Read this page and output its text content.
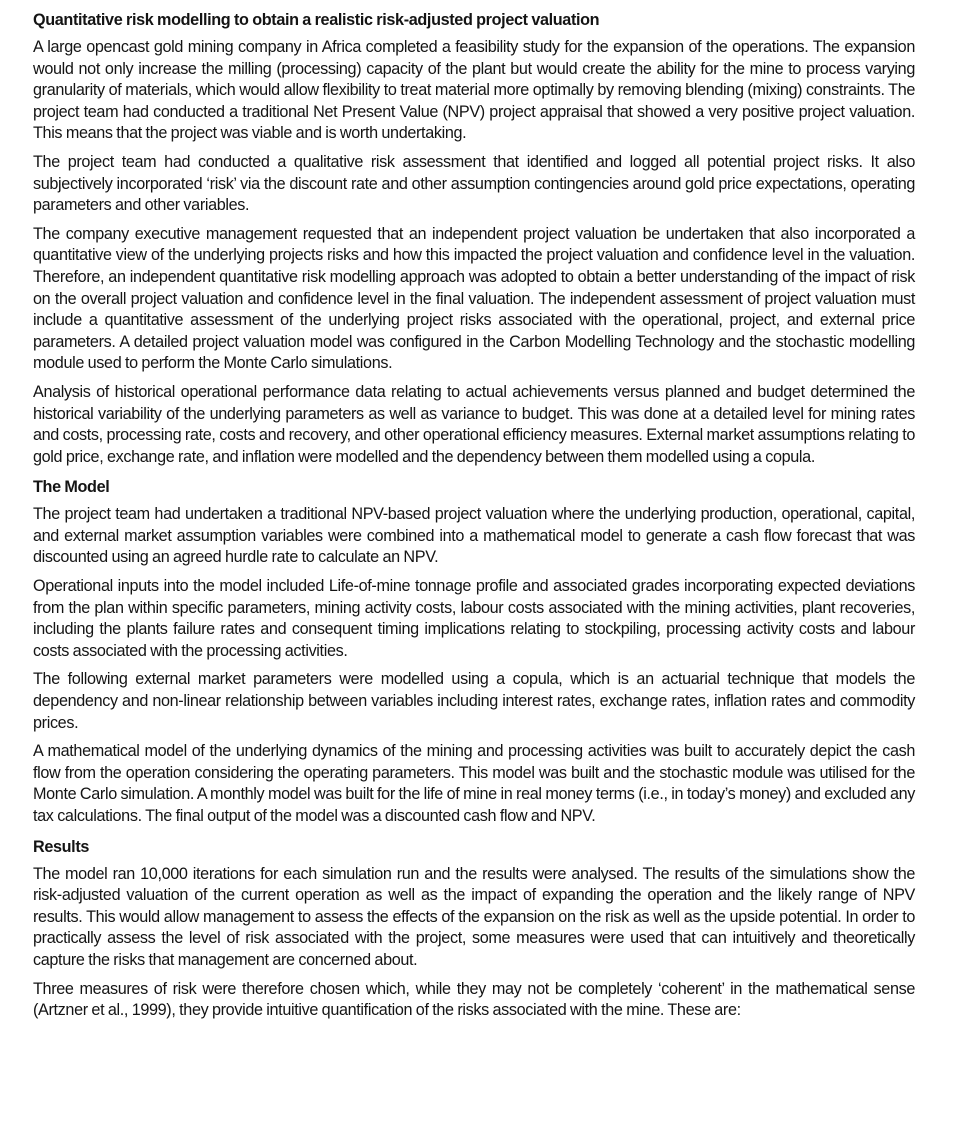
Quantitative risk modelling to obtain a realistic risk-adjusted project valuation

A large opencast gold mining company in Africa completed a feasibility study for the expansion of the operations. The expansion would not only increase the milling (processing) capacity of the plant but would create the ability for the mine to process varying granularity of materials, which would allow flexibility to treat material more optimally by removing blending (mixing) constraints. The project team had conducted a traditional Net Present Value (NPV) project appraisal that showed a very positive project valuation. This means that the project was viable and is worth undertaking.

The project team had conducted a qualitative risk assessment that identified and logged all potential project risks. It also subjectively incorporated ‘risk’ via the discount rate and other assumption contingencies around gold price expectations, operating parameters and other variables.

The company executive management requested that an independent project valuation be undertaken that also incorporated a quantitative view of the underlying projects risks and how this impacted the project valuation and confidence level in the valuation. Therefore, an independent quantitative risk modelling approach was adopted to obtain a better understanding of the impact of risk on the overall project valuation and confidence level in the final valuation. The independent assessment of project valuation must include a quantitative assessment of the underlying project risks associated with the operational, project, and external price parameters. A detailed project valuation model was configured in the Carbon Modelling Technology and the stochastic modelling module used to perform the Monte Carlo simulations.

Analysis of historical operational performance data relating to actual achievements versus planned and budget determined the historical variability of the underlying parameters as well as variance to budget. This was done at a detailed level for mining rates and costs, processing rate, costs and recovery, and other operational efficiency measures. External market assumptions relating to gold price, exchange rate, and inflation were modelled and the dependency between them modelled using a copula.

The Model

The project team had undertaken a traditional NPV-based project valuation where the underlying production, operational, capital, and external market assumption variables were combined into a mathematical model to generate a cash flow forecast that was discounted using an agreed hurdle rate to calculate an NPV.

Operational inputs into the model included Life-of-mine tonnage profile and associated grades incorporating expected deviations from the plan within specific parameters, mining activity costs, labour costs associated with the mining activities, plant recoveries, including the plants failure rates and consequent timing implications relating to stockpiling, processing activity costs and labour costs associated with the processing activities.

The following external market parameters were modelled using a copula, which is an actuarial technique that models the dependency and non-linear relationship between variables including interest rates, exchange rates, inflation rates and commodity prices.

A mathematical model of the underlying dynamics of the mining and processing activities was built to accurately depict the cash flow from the operation considering the operating parameters. This model was built and the stochastic module was utilised for the Monte Carlo simulation. A monthly model was built for the life of mine in real money terms (i.e., in today’s money) and excluded any tax calculations. The final output of the model was a discounted cash flow and NPV.

Results

The model ran 10,000 iterations for each simulation run and the results were analysed. The results of the simulations show the risk-adjusted valuation of the current operation as well as the impact of expanding the operation and the likely range of NPV results. This would allow management to assess the effects of the expansion on the risk as well as the upside potential. In order to practically assess the level of risk associated with the project, some measures were used that can intuitively and theoretically capture the risks that management are concerned about.

Three measures of risk were therefore chosen which, while they may not be completely ‘coherent’ in the mathematical sense (Artzner et al., 1999), they provide intuitive quantification of the risks associated with the mine. These are:
